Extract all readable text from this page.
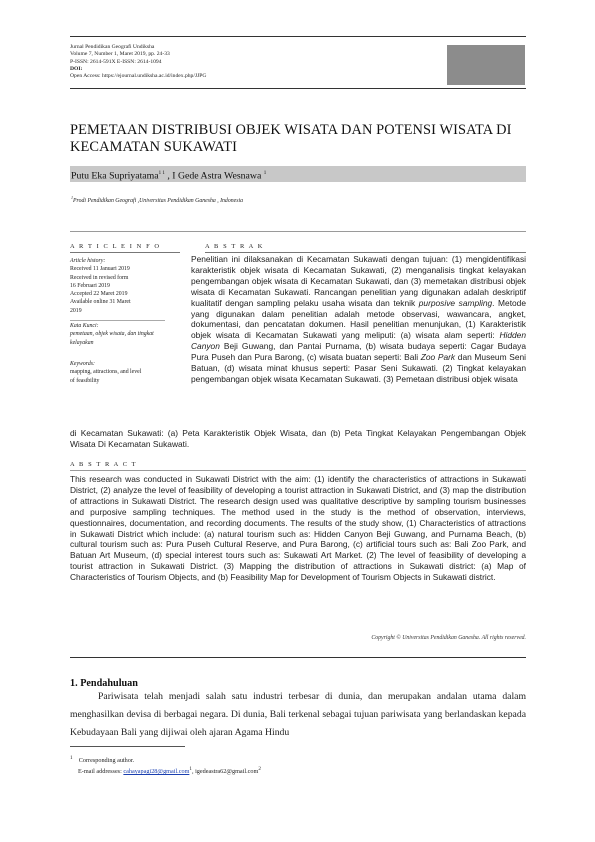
Jurnal Pendidikan Geografi Undiksha
Volume 7, Number 1, Maret 2019, pp. 24-33
P-ISSN: 2614-591X E-ISSN: 2614-1094
DOI:
Open Access: https://ejournal.undiksha.ac.id/index.php/JJPG
PEMETAAN DISTRIBUSI OBJEK WISATA DAN POTENSI WISATA DI KECAMATAN SUKAWATI
Putu Eka Supriyatama$^{1 1}$ , I Gede Astra Wesnawa $^1$
$^1$Prodi Pendidikan Geografi ,Universitas Pendidikan Ganesha , Indonesia
A R T I C L E I N F O
Article history:
Received 11 Januari 2019
Received in revised form
16 Februari 2019
Accepted 22 Maret 2019
Available online 31 Maret
2019
Kata Kunci:
pemetaan, objek wisata, dan tingkat kelayakan
Keywords:
mapping, attractions, and level of feasibility
A B S T R A K
Penelitian ini dilaksanakan di Kecamatan Sukawati dengan tujuan: (1) mengidentifikasi karakteristik objek wisata di Kecamatan Sukawati, (2) menganalisis tingkat kelayakan pengembangan objek wisata di Kecamatan Sukawati, dan (3) memetakan distribusi objek wisata di Kecamatan Sukawati. Rancangan penelitian yang digunakan adalah deskriptif kualitatif dengan sampling pelaku usaha wisata dan teknik purposive sampling. Metode yang digunakan dalam penelitian adalah metode observasi, wawancara, angket, dokumentasi, dan pencatatan dokumen. Hasil penelitian menunjukan, (1) Karakteristik objek wisata di Kecamatan Sukawati yang meliputi: (a) wisata alam seperti: Hidden Canyon Beji Guwang, dan Pantai Purnama, (b) wisata budaya seperti: Cagar Budaya Pura Puseh dan Pura Barong, (c) wisata buatan seperti: Bali Zoo Park dan Museum Seni Batuan, (d) wisata minat khusus seperti: Pasar Seni Sukawati. (2) Tingkat kelayakan pengembangan objek wisata Kecamatan Sukawati. (3) Pemetaan distribusi objek wisata
di Kecamatan Sukawati: (a) Peta Karakteristik Objek Wisata, dan (b) Peta Tingkat Kelayakan Pengembangan Objek Wisata Di Kecamatan Sukawati.
A B S T R A C T
This research was conducted in Sukawati District with the aim: (1) identify the characteristics of attractions in Sukawati District, (2) analyze the level of feasibility of developing a tourist attraction in Sukawati District, and (3) map the distribution of attractions in Sukawati District. The research design used was qualitative descriptive by sampling tourism businesses and purposive sampling techniques. The method used in the study is the method of observation, interviews, questionnaires, documentation, and recording documents. The results of the study show, (1) Characteristics of attractions in Sukawati District which include: (a) natural tourism such as: Hidden Canyon Beji Guwang, and Purnama Beach, (b) cultural tourism such as: Pura Puseh Cultural Reserve, and Pura Barong, (c) artificial tours such as: Bali Zoo Park, and Batuan Art Museum, (d) special interest tours such as: Sukawati Art Market. (2) The level of feasibility of developing a tourist attraction in Sukawati District. (3) Mapping the distribution of attractions in Sukawati district: (a) Map of Characteristics of Tourism Objects, and (b) Feasibility Map for Development of Tourism Objects in Sukawati district.
Copyright © Universitas Pendidikan Ganesha. All rights reserved.
1. Pendahuluan
Pariwisata telah menjadi salah satu industri terbesar di dunia, dan merupakan andalan utama dalam menghasilkan devisa di berbagai negara. Di dunia, Bali terkenal sebagai tujuan pariwisata yang berlandaskan kepada Kebudayaan Bali yang dijiwai oleh ajaran Agama Hindu
$^1$ Corresponding author.
E-mail addresses: cahayapagi28@gmail.com$^1$, igedeastra62@gmail.com$^2$
